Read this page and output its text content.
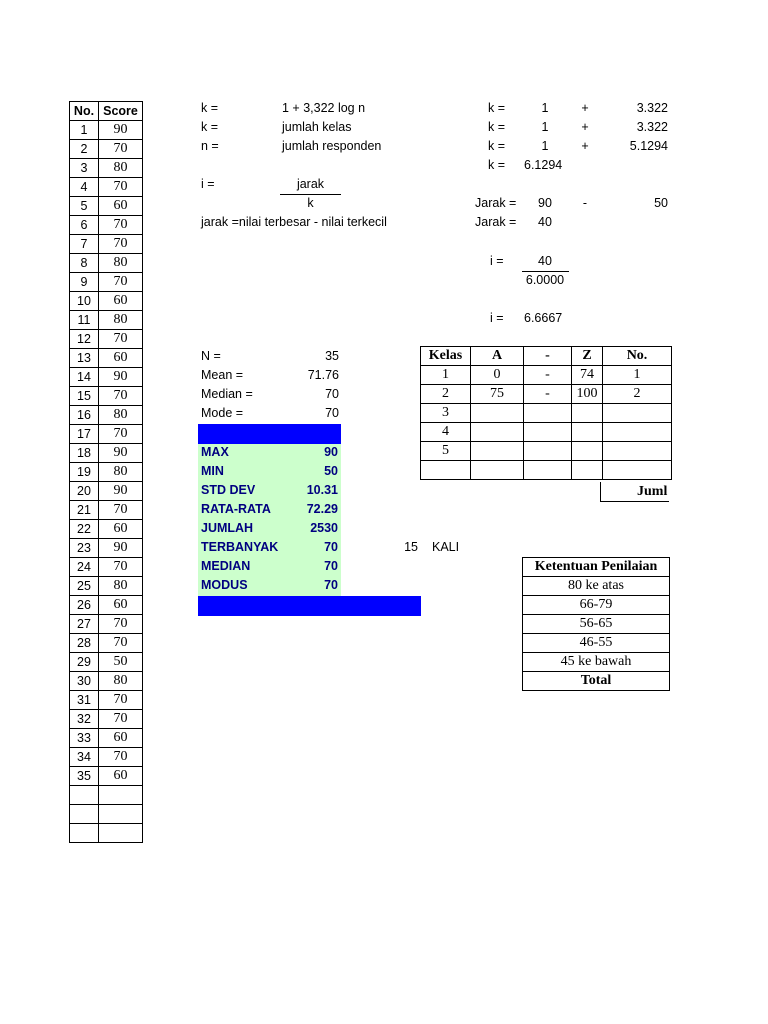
No.	Score
1	90
2	70
3	80
4	70
5	60
6	70
7	70
8	80
9	70
10	60
11	80
12	70
13	60
14	90
15	70
16	80
17	70
18	90
19	80
20	90
21	70
22	60
23	90
24	70
25	80
26	60
27	70
28	70
29	50
30	80
31	70
32	70
33	60
34	70
35	60

k =	1 + 3,322 log n
k =	jumlah kelas
n =	jumlah responden
i =	jarak
k
jarak =nilai terbesar - nilai terkecil
k =	1	+	3.322
k =	1	+	3.322
k =	1	+	5.1294
k = 6.1294
Jarak =	90	-	50
Jarak = 40
i =	40
6.0000
i = 6.6667
N =	35
Mean =	71.76
Median =	70
Mode =	70
MAX	90
MIN	50
STD DEV	10.31
RATA-RATA	72.29
JUMLAH	2530
TERBANYAK	70
MEDIAN	70
MODUS	70
15 KALI
Kelas	A	-	Z	No.
1	0	-	74	1
2	75	-	100	2
3				
4				
5				

Juml
Ketentuan Penilaian
80 ke atas
66-79
56-65
46-55
45 ke bawah
Total
